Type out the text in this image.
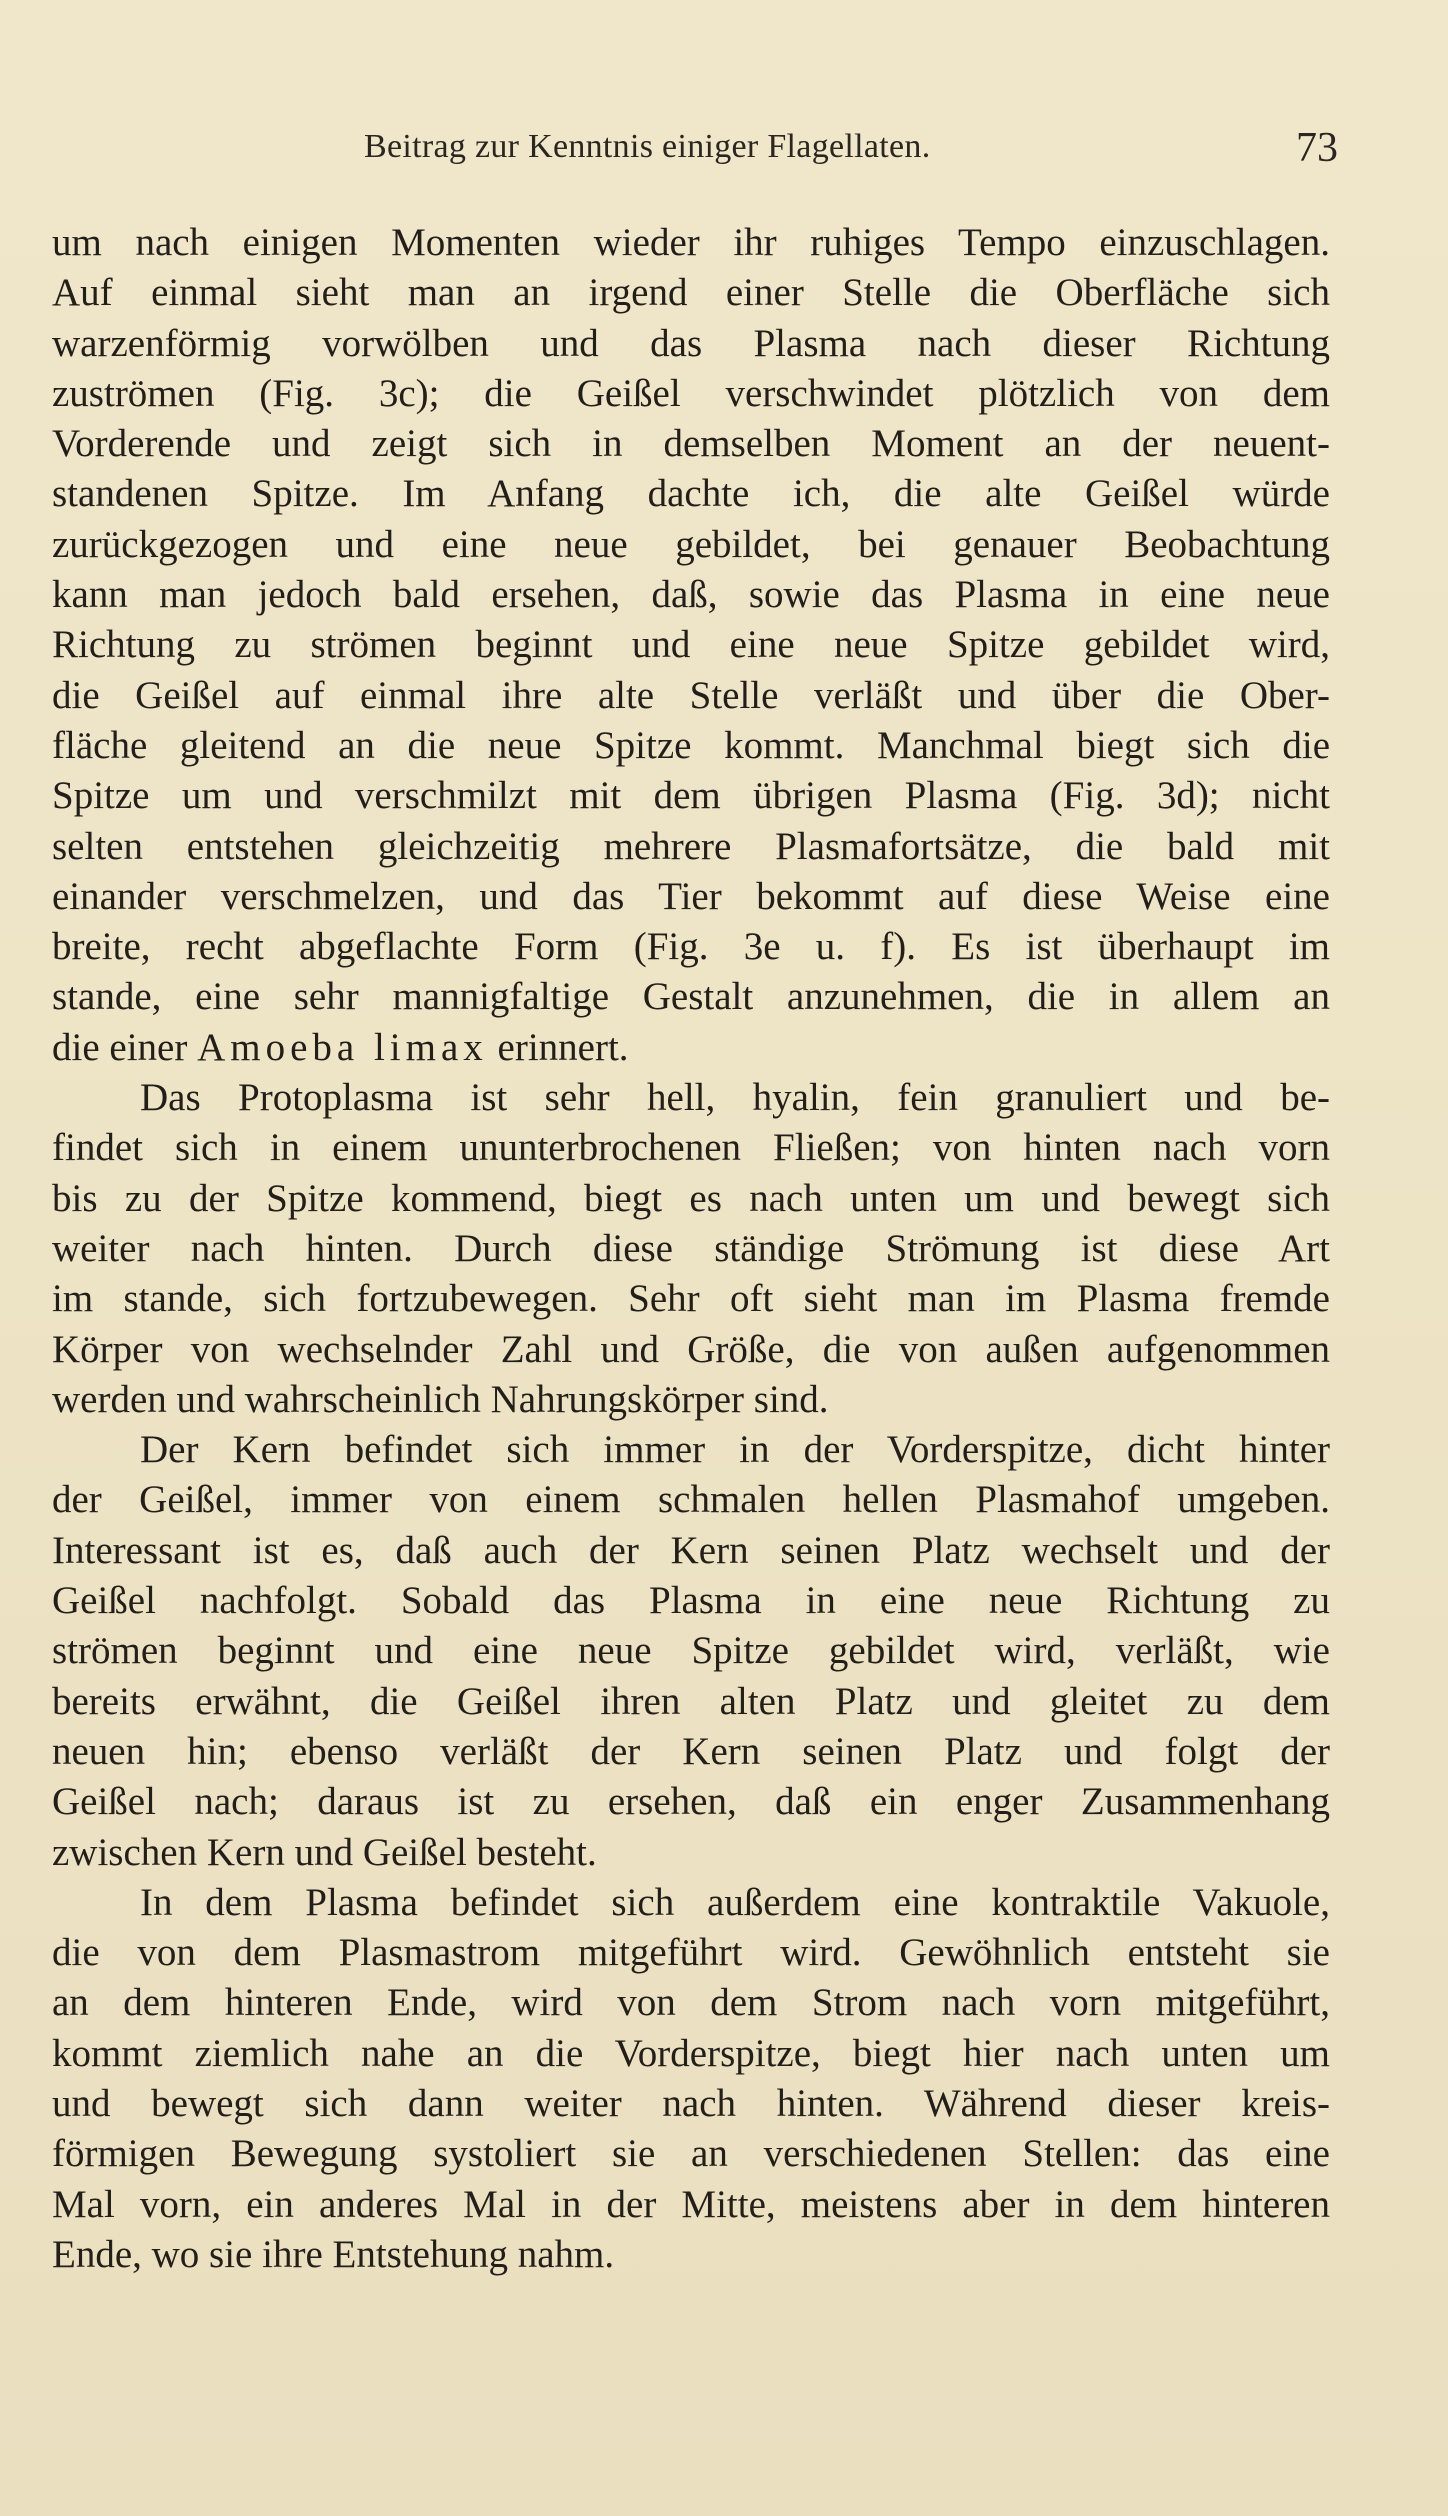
Beitrag zur Kenntnis einiger Flagellaten.	73
um nach einigen Momenten wieder ihr ruhiges Tempo einzuschlagen.
Auf einmal sieht man an irgend einer Stelle die Oberfläche sich
warzenförmig vorwölben und das Plasma nach dieser Richtung
zuströmen (Fig. 3c); die Geißel verschwindet plötzlich von dem
Vorderende und zeigt sich in demselben Moment an der neuent-
standenen Spitze. Im Anfang dachte ich, die alte Geißel würde
zurückgezogen und eine neue gebildet, bei genauer Beobachtung
kann man jedoch bald ersehen, daß, sowie das Plasma in eine neue
Richtung zu strömen beginnt und eine neue Spitze gebildet wird,
die Geißel auf einmal ihre alte Stelle verläßt und über die Ober-
fläche gleitend an die neue Spitze kommt. Manchmal biegt sich die
Spitze um und verschmilzt mit dem übrigen Plasma (Fig. 3d); nicht
selten entstehen gleichzeitig mehrere Plasmafortsätze, die bald mit
einander verschmelzen, und das Tier bekommt auf diese Weise eine
breite, recht abgeflachte Form (Fig. 3e u. f). Es ist überhaupt im
stande, eine sehr mannigfaltige Gestalt anzunehmen, die in allem an
die einer Amoeba limax erinnert.
Das Protoplasma ist sehr hell, hyalin, fein granuliert und be-
findet sich in einem ununterbrochenen Fließen; von hinten nach vorn
bis zu der Spitze kommend, biegt es nach unten um und bewegt sich
weiter nach hinten. Durch diese ständige Strömung ist diese Art
im stande, sich fortzubewegen. Sehr oft sieht man im Plasma fremde
Körper von wechselnder Zahl und Größe, die von außen aufgenommen
werden und wahrscheinlich Nahrungskörper sind.
Der Kern befindet sich immer in der Vorderspitze, dicht hinter
der Geißel, immer von einem schmalen hellen Plasmahof umgeben.
Interessant ist es, daß auch der Kern seinen Platz wechselt und der
Geißel nachfolgt. Sobald das Plasma in eine neue Richtung zu
strömen beginnt und eine neue Spitze gebildet wird, verläßt, wie
bereits erwähnt, die Geißel ihren alten Platz und gleitet zu dem
neuen hin; ebenso verläßt der Kern seinen Platz und folgt der
Geißel nach; daraus ist zu ersehen, daß ein enger Zusammenhang
zwischen Kern und Geißel besteht.
In dem Plasma befindet sich außerdem eine kontraktile Vakuole,
die von dem Plasmastrom mitgeführt wird. Gewöhnlich entsteht sie
an dem hinteren Ende, wird von dem Strom nach vorn mitgeführt,
kommt ziemlich nahe an die Vorderspitze, biegt hier nach unten um
und bewegt sich dann weiter nach hinten. Während dieser kreis-
förmigen Bewegung systoliert sie an verschiedenen Stellen: das eine
Mal vorn, ein anderes Mal in der Mitte, meistens aber in dem hinteren
Ende, wo sie ihre Entstehung nahm.
